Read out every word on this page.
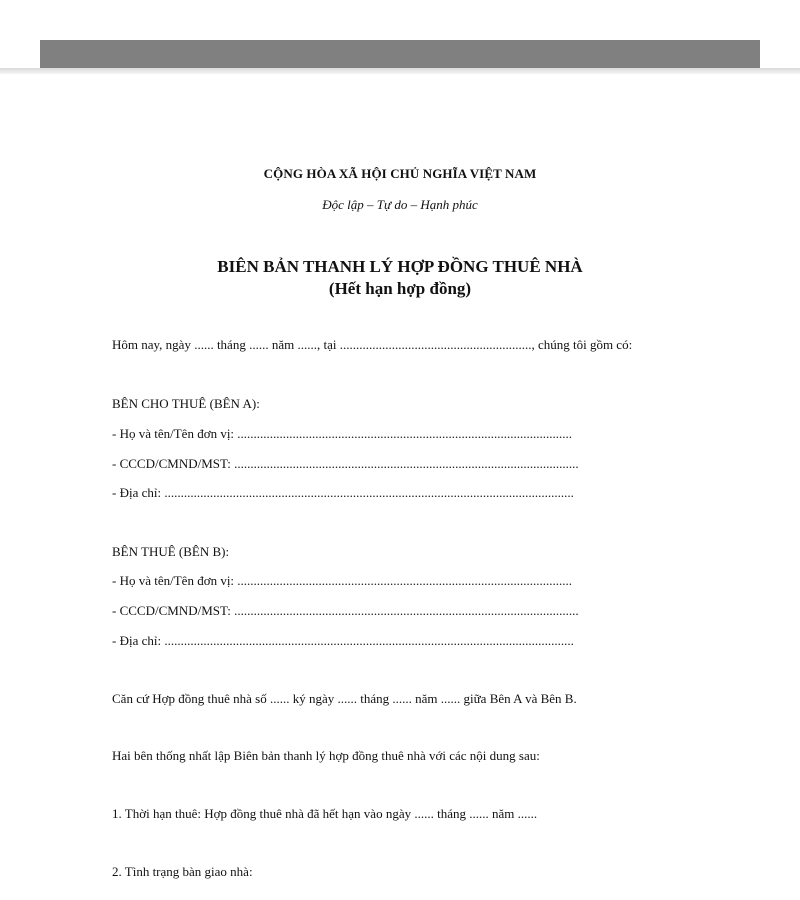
CỘNG HÒA XÃ HỘI CHỦ NGHĨA VIỆT NAM
Độc lập – Tự do – Hạnh phúc
BIÊN BẢN THANH LÝ HỢP ĐỒNG THUÊ NHÀ
(Hết hạn hợp đồng)
Hôm nay, ngày ...... tháng ...... năm ......, tại ..........................................................., chúng tôi gồm có:
BÊN CHO THUÊ (BÊN A):
- Họ và tên/Tên đơn vị: .......................................................................................................
- CCCD/CMND/MST: ..........................................................................................................
- Địa chỉ: ..............................................................................................................................
BÊN THUÊ (BÊN B):
- Họ và tên/Tên đơn vị: .......................................................................................................
- CCCD/CMND/MST: ..........................................................................................................
- Địa chỉ: ..............................................................................................................................
Căn cứ Hợp đồng thuê nhà số ...... ký ngày ...... tháng ...... năm ...... giữa Bên A và Bên B.
Hai bên thống nhất lập Biên bản thanh lý hợp đồng thuê nhà với các nội dung sau:
1. Thời hạn thuê: Hợp đồng thuê nhà đã hết hạn vào ngày ...... tháng ...... năm ......
2. Tình trạng bàn giao nhà:
